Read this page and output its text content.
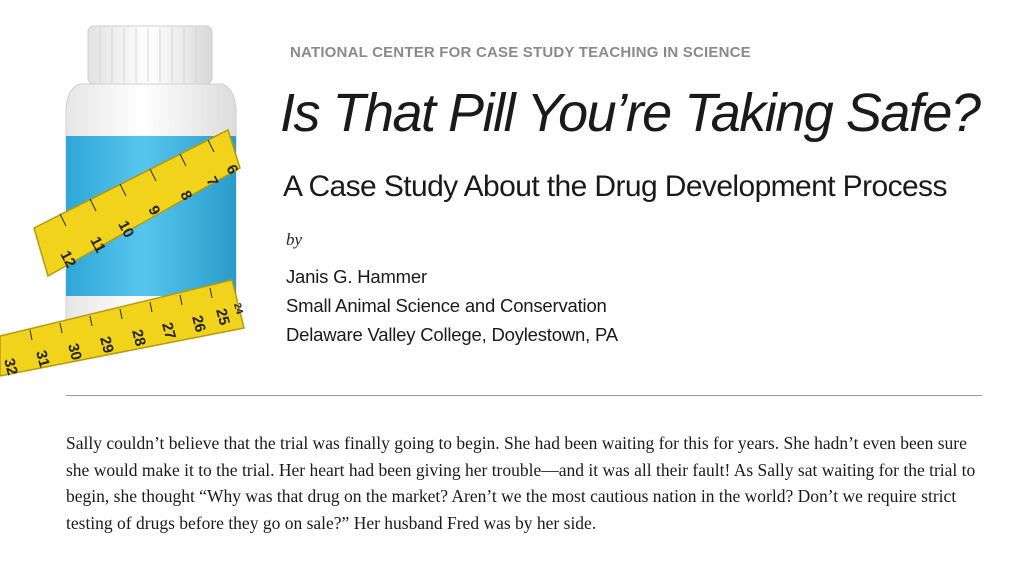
12
11
10
9
8
7
6
32 31 30 29 28 27 26 25
24
NATIONAL CENTER FOR CASE STUDY TEACHING IN SCIENCE
Is That Pill You’re Taking Safe?
A Case Study About the Drug Development Process
by
Janis G. Hammer
Small Animal Science and Conservation
Delaware Valley College, Doylestown, PA

Sally couldn’t believe that the trial was finally going to begin. She had been waiting for this for years. She hadn’t even been sure she would make it to the trial. Her heart had been giving her trouble—and it was all their fault! As Sally sat waiting for the trial to begin, she thought “Why was that drug on the market? Aren’t we the most cautious nation in the world? Don’t we require strict testing of drugs before they go on sale?” Her husband Fred was by her side.
